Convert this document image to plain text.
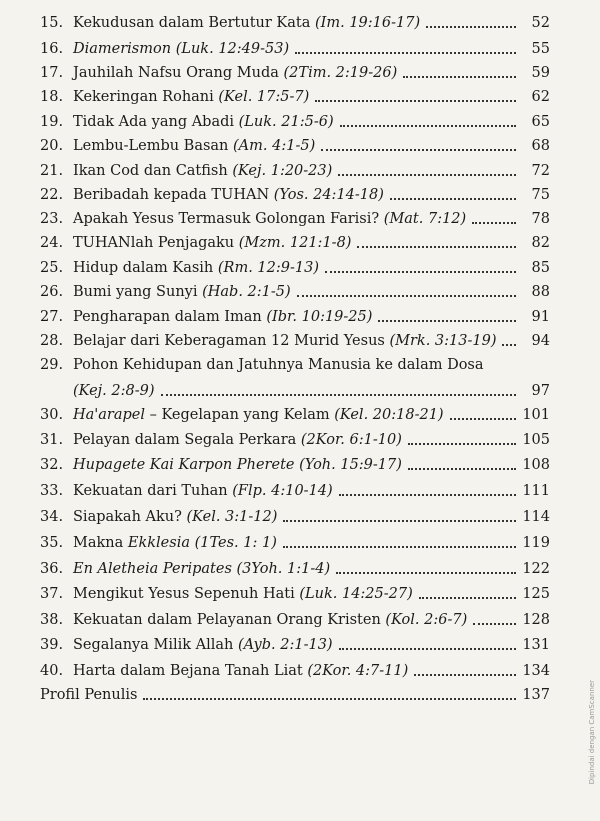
15. Kekudusan dalam Bertutur Kata (Im. 19:16-17)	52
16. Diamerismon (Luk. 12:49-53)	55
17. Jauhilah Nafsu Orang Muda (2Tim. 2:19-26)	59
18. Kekeringan Rohani (Kel. 17:5-7)	62
19. Tidak Ada yang Abadi (Luk. 21:5-6)	65
20. Lembu-Lembu Basan (Am. 4:1-5)	68
21. Ikan Cod dan Catfish (Kej. 1:20-23)	72
22. Beribadah kepada TUHAN (Yos. 24:14-18)	75
23. Apakah Yesus Termasuk Golongan Farisi? (Mat. 7:12)	78
24. TUHANlah Penjagaku (Mzm. 121:1-8)	82
25. Hidup dalam Kasih (Rm. 12:9-13)	85
26. Bumi yang Sunyi (Hab. 2:1-5)	88
27. Pengharapan dalam Iman (Ibr. 10:19-25)	91
28. Belajar dari Keberagaman 12 Murid Yesus (Mrk. 3:13-19)	94
29. Pohon Kehidupan dan Jatuhnya Manusia ke dalam Dosa
(Kej. 2:8-9)	97
30. Ha'arapel – Kegelapan yang Kelam (Kel. 20:18-21)	101
31. Pelayan dalam Segala Perkara (2Kor. 6:1-10)	105
32. Hupagete Kai Karpon Pherete (Yoh. 15:9-17)	108
33. Kekuatan dari Tuhan (Flp. 4:10-14)	111
34. Siapakah Aku? (Kel. 3:1-12)	114
35. Makna Ekklesia (1Tes. 1: 1)	119
36. En Aletheia Peripates (3Yoh. 1:1-4)	122
37. Mengikut Yesus Sepenuh Hati (Luk. 14:25-27)	125
38. Kekuatan dalam Pelayanan Orang Kristen (Kol. 2:6-7)	128
39. Segalanya Milik Allah (Ayb. 2:1-13)	131
40. Harta dalam Bejana Tanah Liat (2Kor. 4:7-11)	134
Profil Penulis	137	Dipindai dengan CamScanner
